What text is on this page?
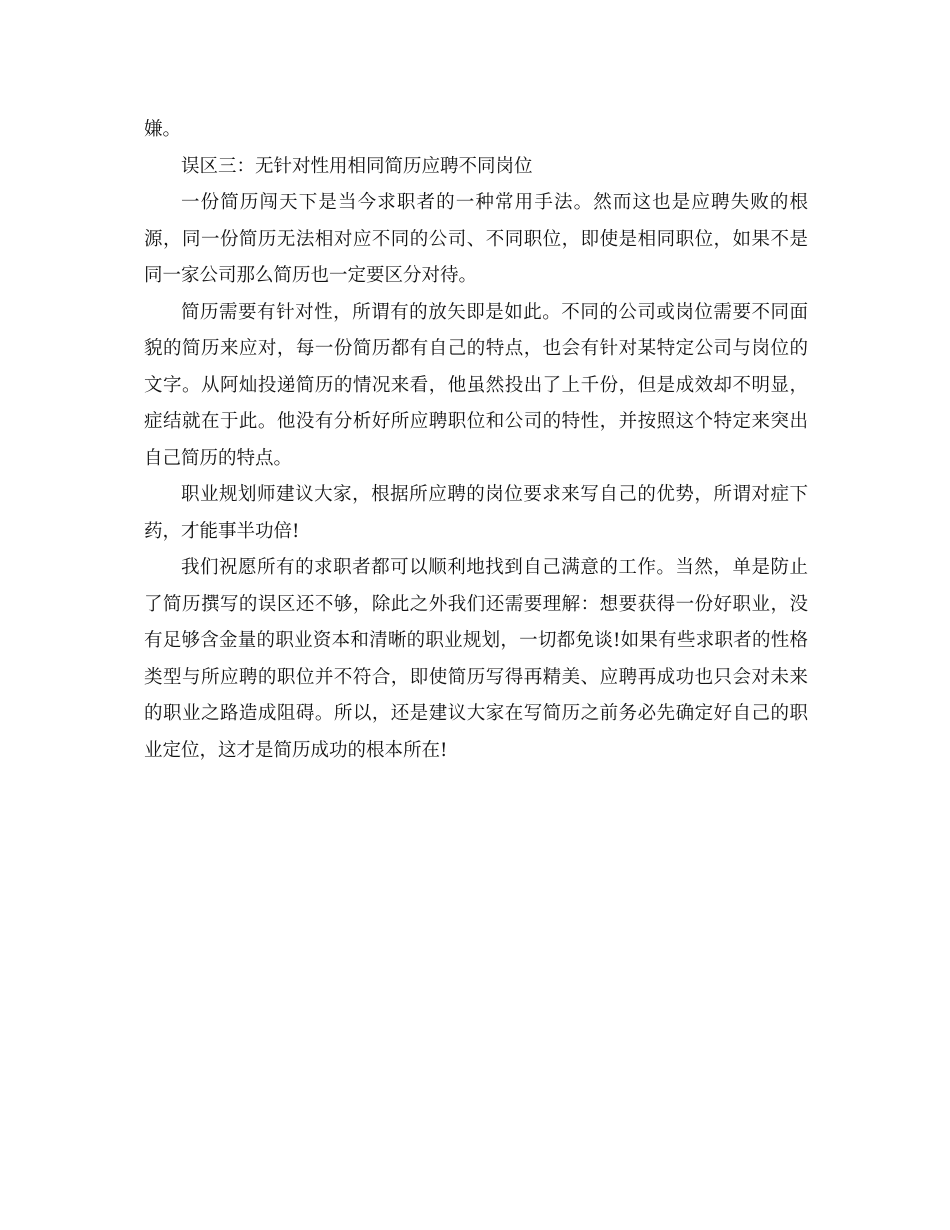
嫌。

误区三：无针对性用相同简历应聘不同岗位

一份简历闯天下是当今求职者的一种常用手法。然而这也是应聘失败的根源，同一份简历无法相对应不同的公司、不同职位，即使是相同职位，如果不是同一家公司那么简历也一定要区分对待。

简历需要有针对性，所谓有的放矢即是如此。不同的公司或岗位需要不同面貌的简历来应对，每一份简历都有自己的特点，也会有针对某特定公司与岗位的文字。从阿灿投递简历的情况来看，他虽然投出了上千份，但是成效却不明显，症结就在于此。他没有分析好所应聘职位和公司的特性，并按照这个特定来突出自己简历的特点。

职业规划师建议大家，根据所应聘的岗位要求来写自己的优势，所谓对症下药，才能事半功倍!

我们祝愿所有的求职者都可以顺利地找到自己满意的工作。当然，单是防止了简历撰写的误区还不够，除此之外我们还需要理解：想要获得一份好职业，没有足够含金量的职业资本和清晰的职业规划，一切都免谈!如果有些求职者的性格类型与所应聘的职位并不符合，即使简历写得再精美、应聘再成功也只会对未来的职业之路造成阻碍。所以，还是建议大家在写简历之前务必先确定好自己的职业定位，这才是简历成功的根本所在!
